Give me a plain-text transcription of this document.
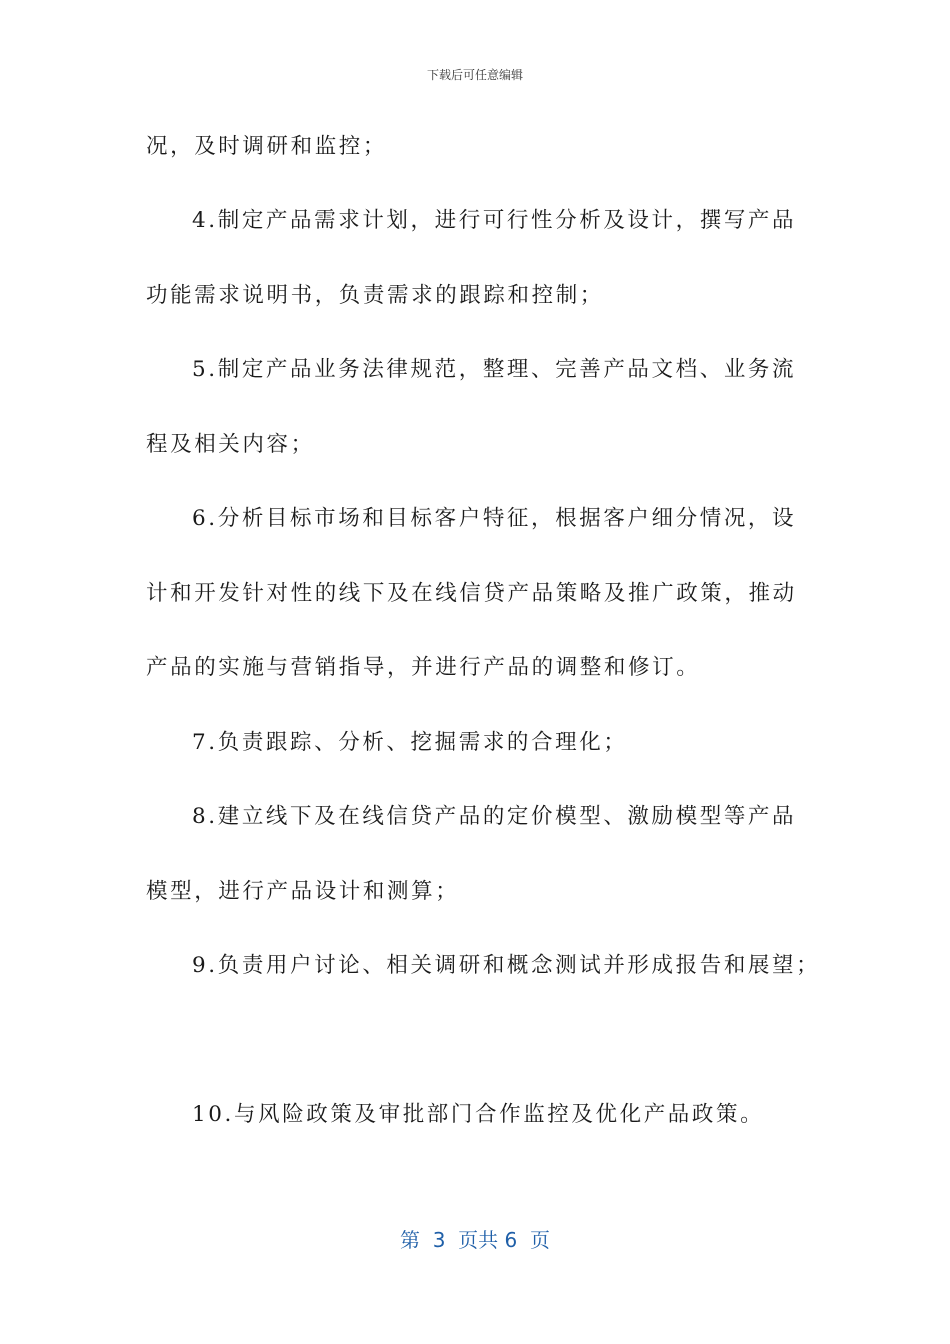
下载后可任意编辑
况，及时调研和监控；
4.制定产品需求计划，进行可行性分析及设计，撰写产品
功能需求说明书，负责需求的跟踪和控制；
5.制定产品业务法律规范，整理、完善产品文档、业务流
程及相关内容；
6.分析目标市场和目标客户特征，根据客户细分情况，设
计和开发针对性的线下及在线信贷产品策略及推广政策，推动
产品的实施与营销指导，并进行产品的调整和修订。
7.负责跟踪、分析、挖掘需求的合理化；
8.建立线下及在线信贷产品的定价模型、激励模型等产品
模型，进行产品设计和测算；
9.负责用户讨论、相关调研和概念测试并形成报告和展望；
10.与风险政策及审批部门合作监控及优化产品政策。
第  3  页共 6  页
